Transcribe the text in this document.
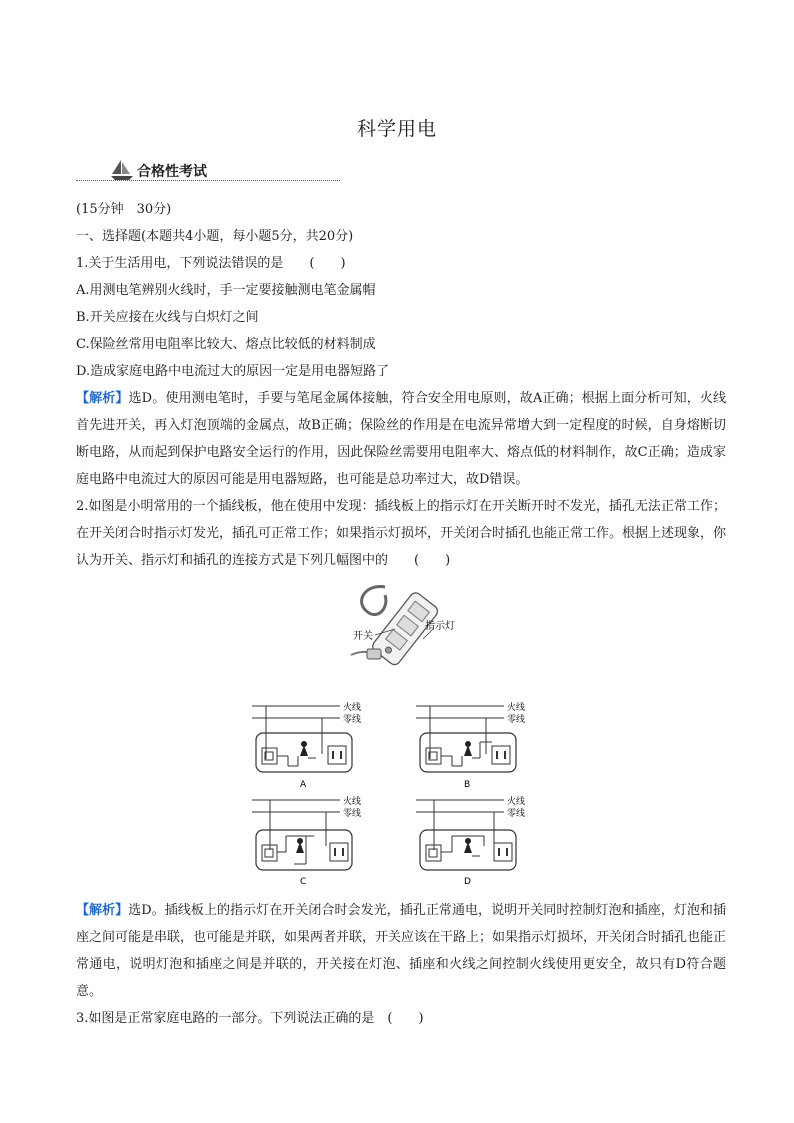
科学用电
合格性考试
(15分钟　30分)
一、选择题(本题共4小题，每小题5分，共20分)
1.关于生活用电，下列说法错误的是　　(　　)
A.用测电笔辨别火线时，手一定要接触测电笔金属帽
B.开关应接在火线与白炽灯之间
C.保险丝常用电阻率比较大、熔点比较低的材料制成
D.造成家庭电路中电流过大的原因一定是用电器短路了
【解析】选D。使用测电笔时，手要与笔尾金属体接触，符合安全用电原则，故A正确；根据上面分析可知，火线首先进开关，再入灯泡顶端的金属点，故B正确；保险丝的作用是在电流异常增大到一定程度的时候，自身熔断切断电路，从而起到保护电路安全运行的作用，因此保险丝需要用电阻率大、熔点低的材料制作，故C正确；造成家庭电路中电流过大的原因可能是用电器短路，也可能是总功率过大，故D错误。
2.如图是小明常用的一个插线板，他在使用中发现：插线板上的指示灯在开关断开时不发光，插孔无法正常工作；在开关闭合时指示灯发光，插孔可正常工作；如果指示灯损坏，开关闭合时插孔也能正常工作。根据上述现象，你认为开关、指示灯和插孔的连接方式是下列几幅图中的　　(　　)
开关
指示灯
火线
零线
A
火线
零线
B
火线
零线
C
火线
零线
D
【解析】选D。插线板上的指示灯在开关闭合时会发光，插孔正常通电，说明开关同时控制灯泡和插座，灯泡和插座之间可能是串联，也可能是并联，如果两者并联，开关应该在干路上；如果指示灯损坏，开关闭合时插孔也能正常通电，说明灯泡和插座之间是并联的，开关接在灯泡、插座和火线之间控制火线使用更安全，故只有D符合题意。
3.如图是正常家庭电路的一部分。下列说法正确的是　(　　)
